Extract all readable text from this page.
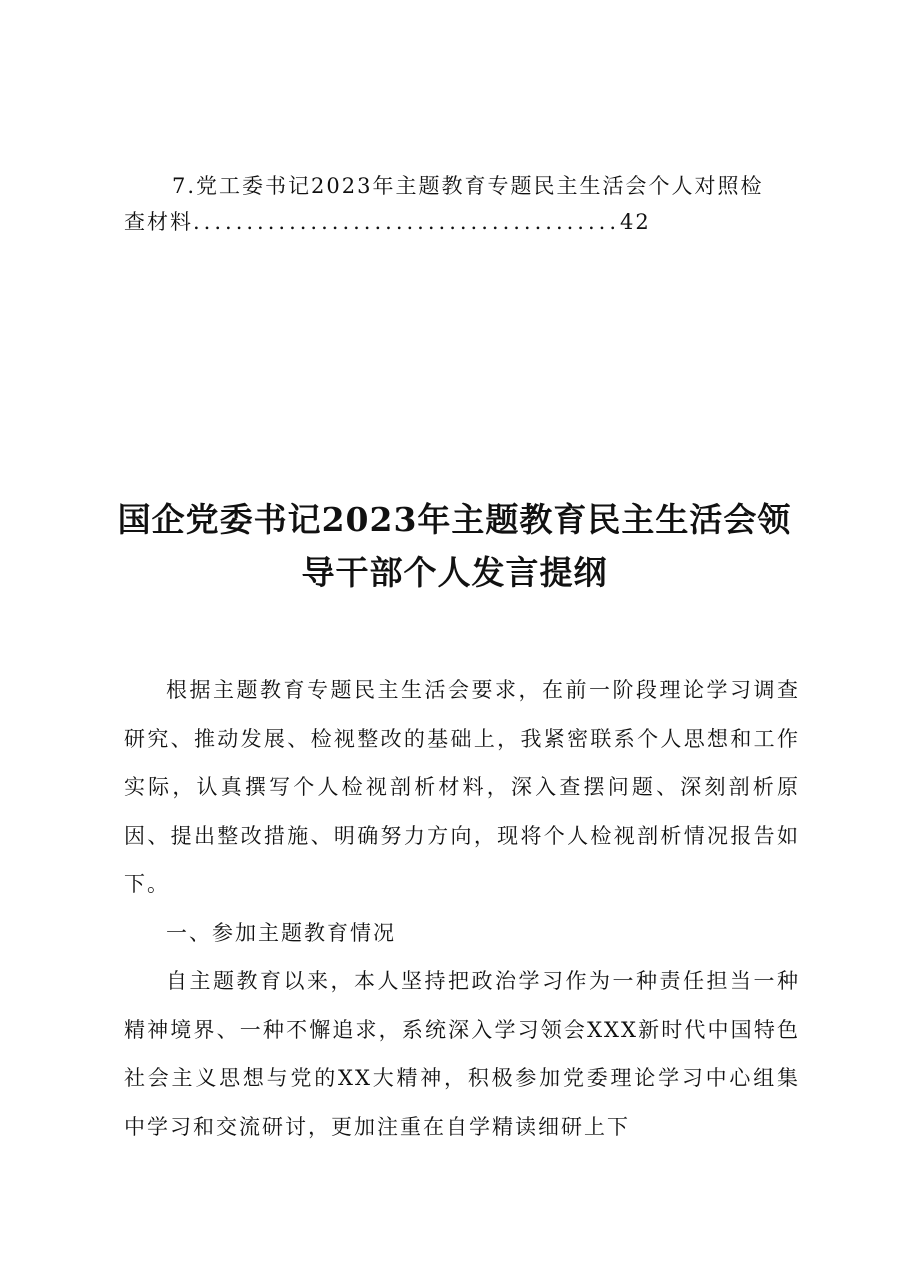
7.党工委书记2023年主题教育专题民主生活会个人对照检
查材料........................................42
国企党委书记2023年主题教育民主生活会领
导干部个人发言提纲

根据主题教育专题民主生活会要求，在前一阶段理论学习调查研究、推动发展、检视整改的基础上，我紧密联系个人思想和工作实际，认真撰写个人检视剖析材料，深入查摆问题、深刻剖析原因、提出整改措施、明确努力方向，现将个人检视剖析情况报告如下。

一、参加主题教育情况

自主题教育以来，本人坚持把政治学习作为一种责任担当一种精神境界、一种不懈追求，系统深入学习领会XXX新时代中国特色社会主义思想与党的XX大精神，积极参加党委理论学习中心组集中学习和交流研讨，更加注重在自学精读细研上下
